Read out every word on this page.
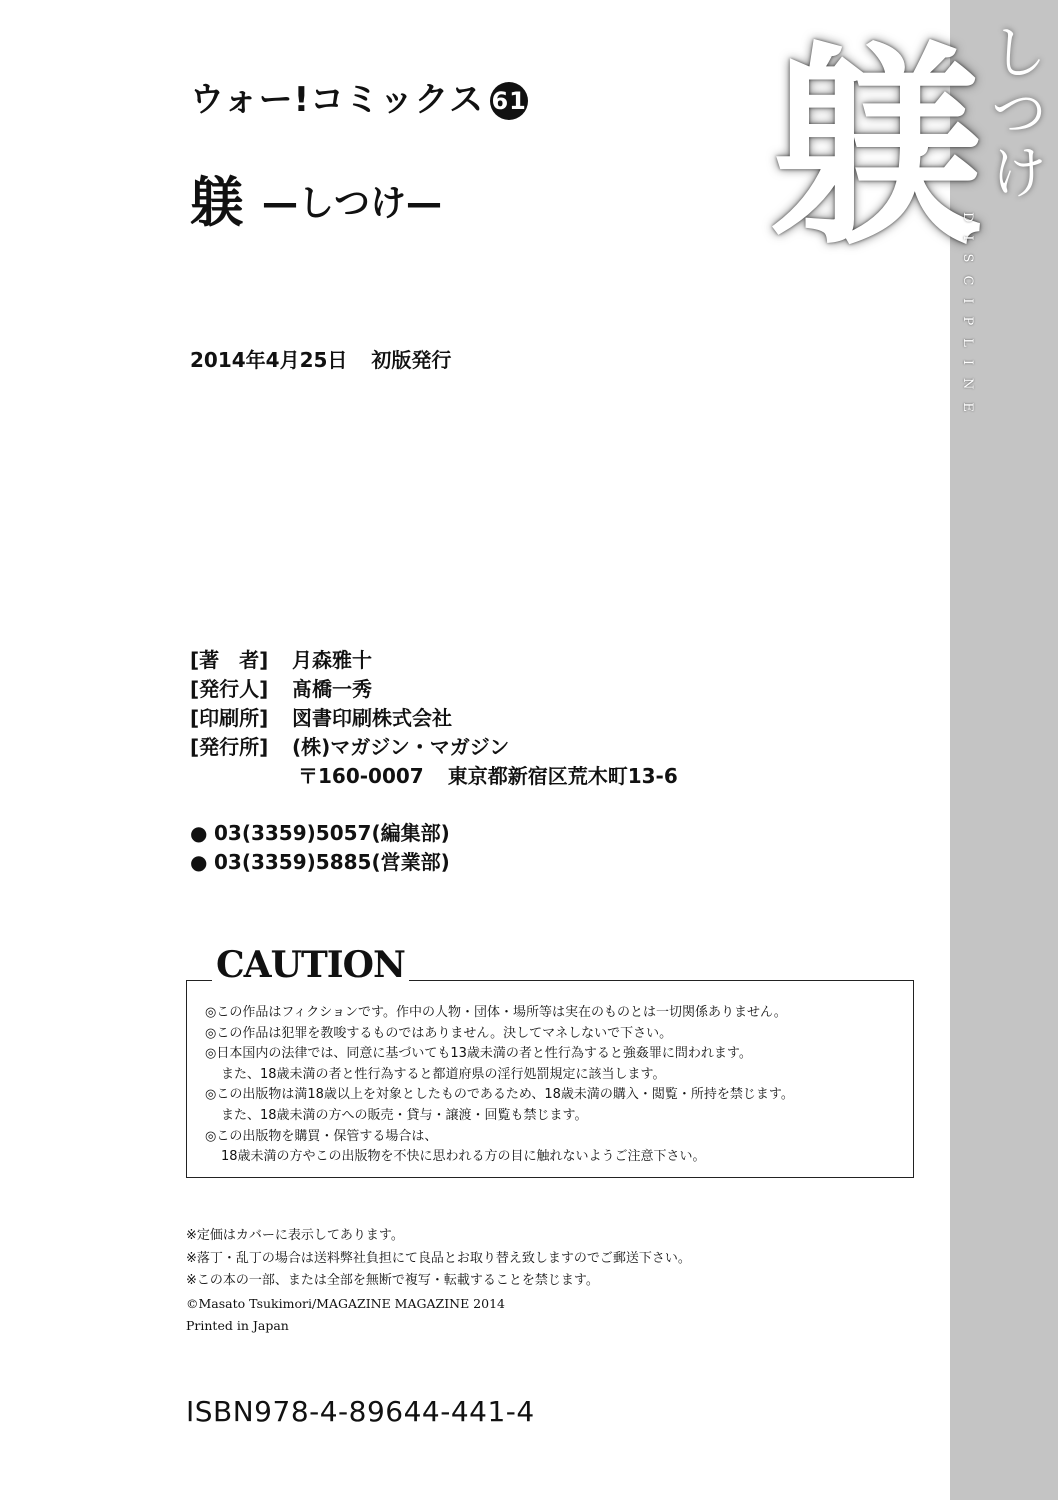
躾
しつけ
DISCIPLINE
ウォー!コミックス 61
躾 —しつけ—
2014年4月25日 初版発行
[著　者] 月森雅十
[発行人] 髙橋一秀
[印刷所] 図書印刷株式会社
[発行所] (株)マガジン・マガジン
〒160-0007 東京都新宿区荒木町13-6
● 03(3359)5057(編集部)
● 03(3359)5885(営業部)
◎この作品はフィクションです。作中の人物・団体・場所等は実在のものとは一切関係ありません。
◎この作品は犯罪を教唆するものではありません。決してマネしないで下さい。
◎日本国内の法律では、同意に基づいても13歳未満の者と性行為すると強姦罪に問われます。
また、18歳未満の者と性行為すると都道府県の淫行処罰規定に該当します。
◎この出版物は満18歳以上を対象としたものであるため、18歳未満の購入・閲覧・所持を禁じます。
また、18歳未満の方への販売・貸与・譲渡・回覧も禁じます。
◎この出版物を購買・保管する場合は、
18歳未満の方やこの出版物を不快に思われる方の目に触れないようご注意下さい。
CAUTION
※定価はカバーに表示してあります。
※落丁・乱丁の場合は送料弊社負担にて良品とお取り替え致しますのでご郵送下さい。
※この本の一部、または全部を無断で複写・転載することを禁じます。
©Masato Tsukimori/MAGAZINE MAGAZINE 2014
Printed in Japan
ISBN978-4-89644-441-4
